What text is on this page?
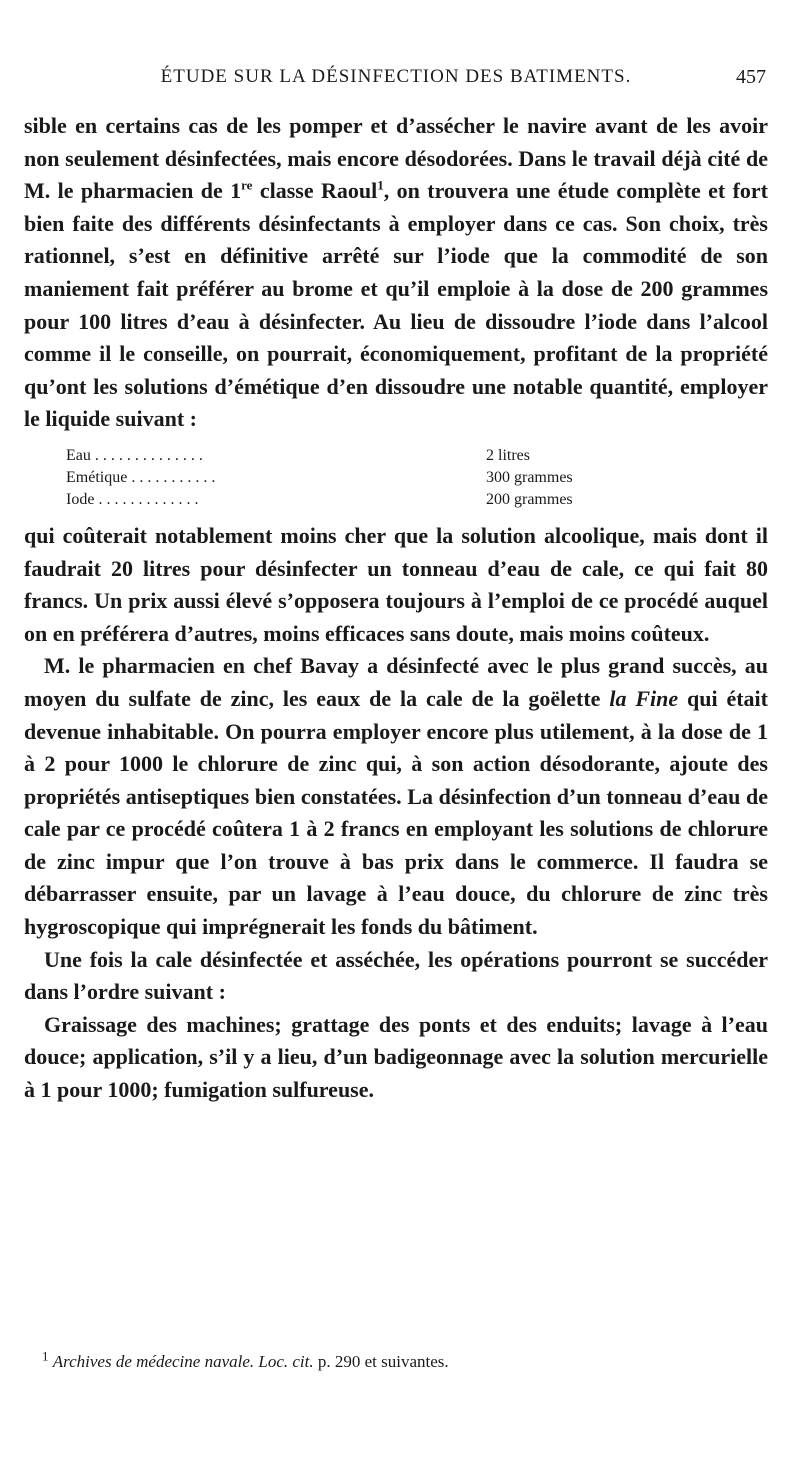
ÉTUDE SUR LA DÉSINFECTION DES BATIMENTS.	457

sible en certains cas de les pomper et d’assécher le navire avant de les avoir non seulement désinfectées, mais encore désodorées. Dans le travail déjà cité de M. le pharmacien de 1re classe Raoul$^1$, on trouvera une étude complète et fort bien faite des différents désinfectants à employer dans ce cas. Son choix, très rationnel, s’est en définitive arrêté sur l’iode que la commodité de son maniement fait préférer au brome et qu’il emploie à la dose de 200 grammes pour 100 litres d’eau à désinfecter. Au lieu de dissoudre l’iode dans l’alcool comme il le conseille, on pourrait, économiquement, profitant de la propriété qu’ont les solutions d’émétique d’en dissoudre une notable quantité, employer le liquide suivant :

Eau . . . . . . . . . . . . . .	2 litres
Emétique . . . . . . . . . . .	300 grammes
Iode . . . . . . . . . . . . .	200 grammes

qui coûterait notablement moins cher que la solution alcoolique, mais dont il faudrait 20 litres pour désinfecter un tonneau d’eau de cale, ce qui fait 80 francs. Un prix aussi élevé s’opposera toujours à l’emploi de ce procédé auquel on en préférera d’autres, moins efficaces sans doute, mais moins coûteux.

M. le pharmacien en chef Bavay a désinfecté avec le plus grand succès, au moyen du sulfate de zinc, les eaux de la cale de la goëlette la Fine qui était devenue inhabitable. On pourra employer encore plus utilement, à la dose de 1 à 2 pour 1000 le chlorure de zinc qui, à son action désodorante, ajoute des propriétés antiseptiques bien constatées. La désinfection d’un tonneau d’eau de cale par ce procédé coûtera 1 à 2 francs en employant les solutions de chlorure de zinc impur que l’on trouve à bas prix dans le commerce. Il faudra se débarrasser ensuite, par un lavage à l’eau douce, du chlorure de zinc très hygroscopique qui imprégnerait les fonds du bâtiment.

Une fois la cale désinfectée et asséchée, les opérations pourront se succéder dans l’ordre suivant :

Graissage des machines; grattage des ponts et des enduits; lavage à l’eau douce; application, s’il y a lieu, d’un badigeonnage avec la solution mercurielle à 1 pour 1000; fumigation sulfureuse.

$^1$ Archives de médecine navale. Loc. cit. p. 290 et suivantes.
